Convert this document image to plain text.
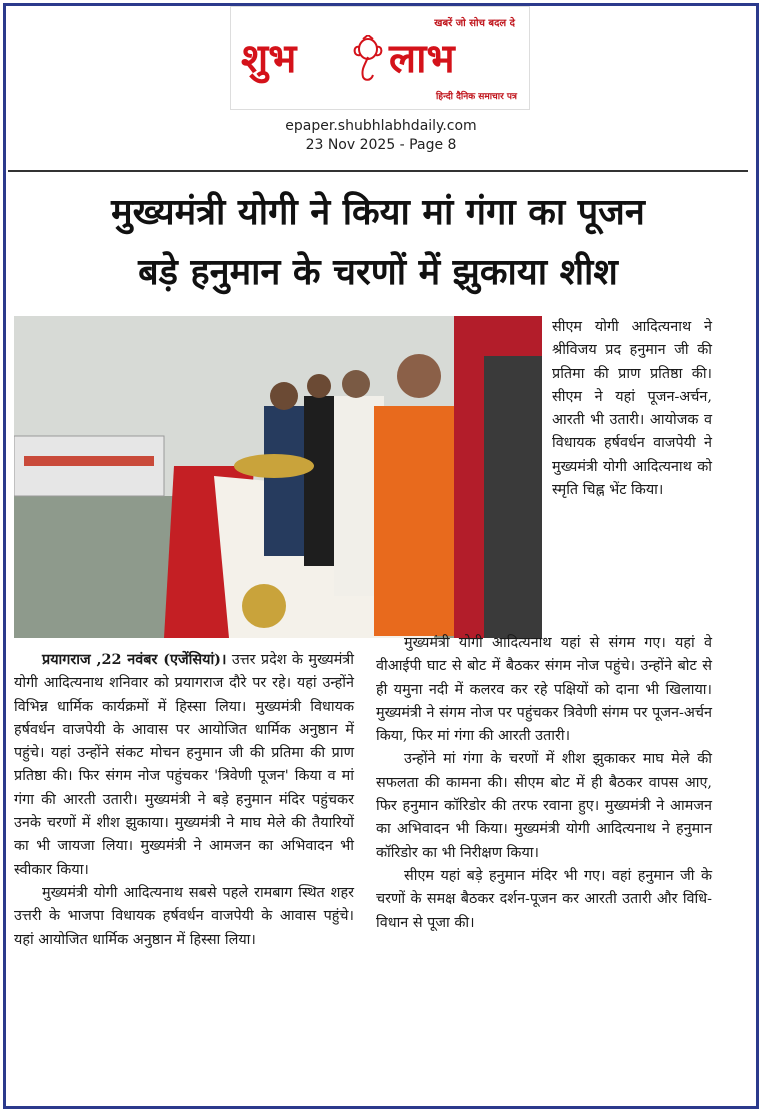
खबरें जो सोच बदल दे
शुभ लाभ
हिन्दी दैनिक समाचार पत्र
epaper.shubhlabhdaily.com
23 Nov 2025 - Page 8
मुख्यमंत्री योगी ने किया मां गंगा का पूजन
बड़े हनुमान के चरणों में झुकाया शीश

सीएम योगी आदित्यनाथ ने श्रीविजय प्रद हनुमान जी की प्रतिमा की प्राण प्रतिष्ठा की। सीएम ने यहां पूजन-अर्चन, आरती भी उतारी। आयोजक व विधायक हर्षवर्धन वाजपेयी ने मुख्यमंत्री योगी आदित्यनाथ को स्मृति चिह्न भेंट किया।

मुख्यमंत्री योगी आदित्यनाथ यहां से संगम गए। यहां वे वीआईपी घाट से बोट में बैठकर संगम नोज पहुंचे। उन्होंने बोट से ही यमुना नदी में कलरव कर रहे पक्षियों को दाना भी खिलाया। मुख्यमंत्री ने संगम नोज पर पहुंचकर त्रिवेणी संगम पर पूजन-अर्चन किया, फिर मां गंगा की आरती उतारी।

उन्होंने मां गंगा के चरणों में शीश झुकाकर माघ मेले की सफलता की कामना की। सीएम बोट में ही बैठकर वापस आए, फिर हनुमान कॉरिडोर की तरफ रवाना हुए। मुख्यमंत्री ने आमजन का अभिवादन भी किया। मुख्यमंत्री योगी आदित्यनाथ ने हनुमान कॉरिडोर का भी निरीक्षण किया।

सीएम यहां बड़े हनुमान मंदिर भी गए। वहां हनुमान जी के चरणों के समक्ष बैठकर दर्शन-पूजन कर आरती उतारी और विधि-विधान से पूजा की।

प्रयागराज ,22 नवंबर (एजेंसियां)। उत्तर प्रदेश के मुख्यमंत्री योगी आदित्यनाथ शनिवार को प्रयागराज दौरे पर रहे। यहां उन्होंने विभिन्न धार्मिक कार्यक्रमों में हिस्सा लिया। मुख्यमंत्री विधायक हर्षवर्धन वाजपेयी के आवास पर आयोजित धार्मिक अनुष्ठान में पहुंचे। यहां उन्होंने संकट मोचन हनुमान जी की प्रतिमा की प्राण प्रतिष्ठा की। फिर संगम नोज पहुंचकर 'त्रिवेणी पूजन' किया व मां गंगा की आरती उतारी। मुख्यमंत्री ने बड़े हनुमान मंदिर पहुंचकर उनके चरणों में शीश झुकाया। मुख्यमंत्री ने माघ मेले की तैयारियों का भी जायजा लिया। मुख्यमंत्री ने आमजन का अभिवादन भी स्वीकार किया।

मुख्यमंत्री योगी आदित्यनाथ सबसे पहले रामबाग स्थित शहर उत्तरी के भाजपा विधायक हर्षवर्धन वाजपेयी के आवास पहुंचे। यहां आयोजित धार्मिक अनुष्ठान में हिस्सा लिया।
